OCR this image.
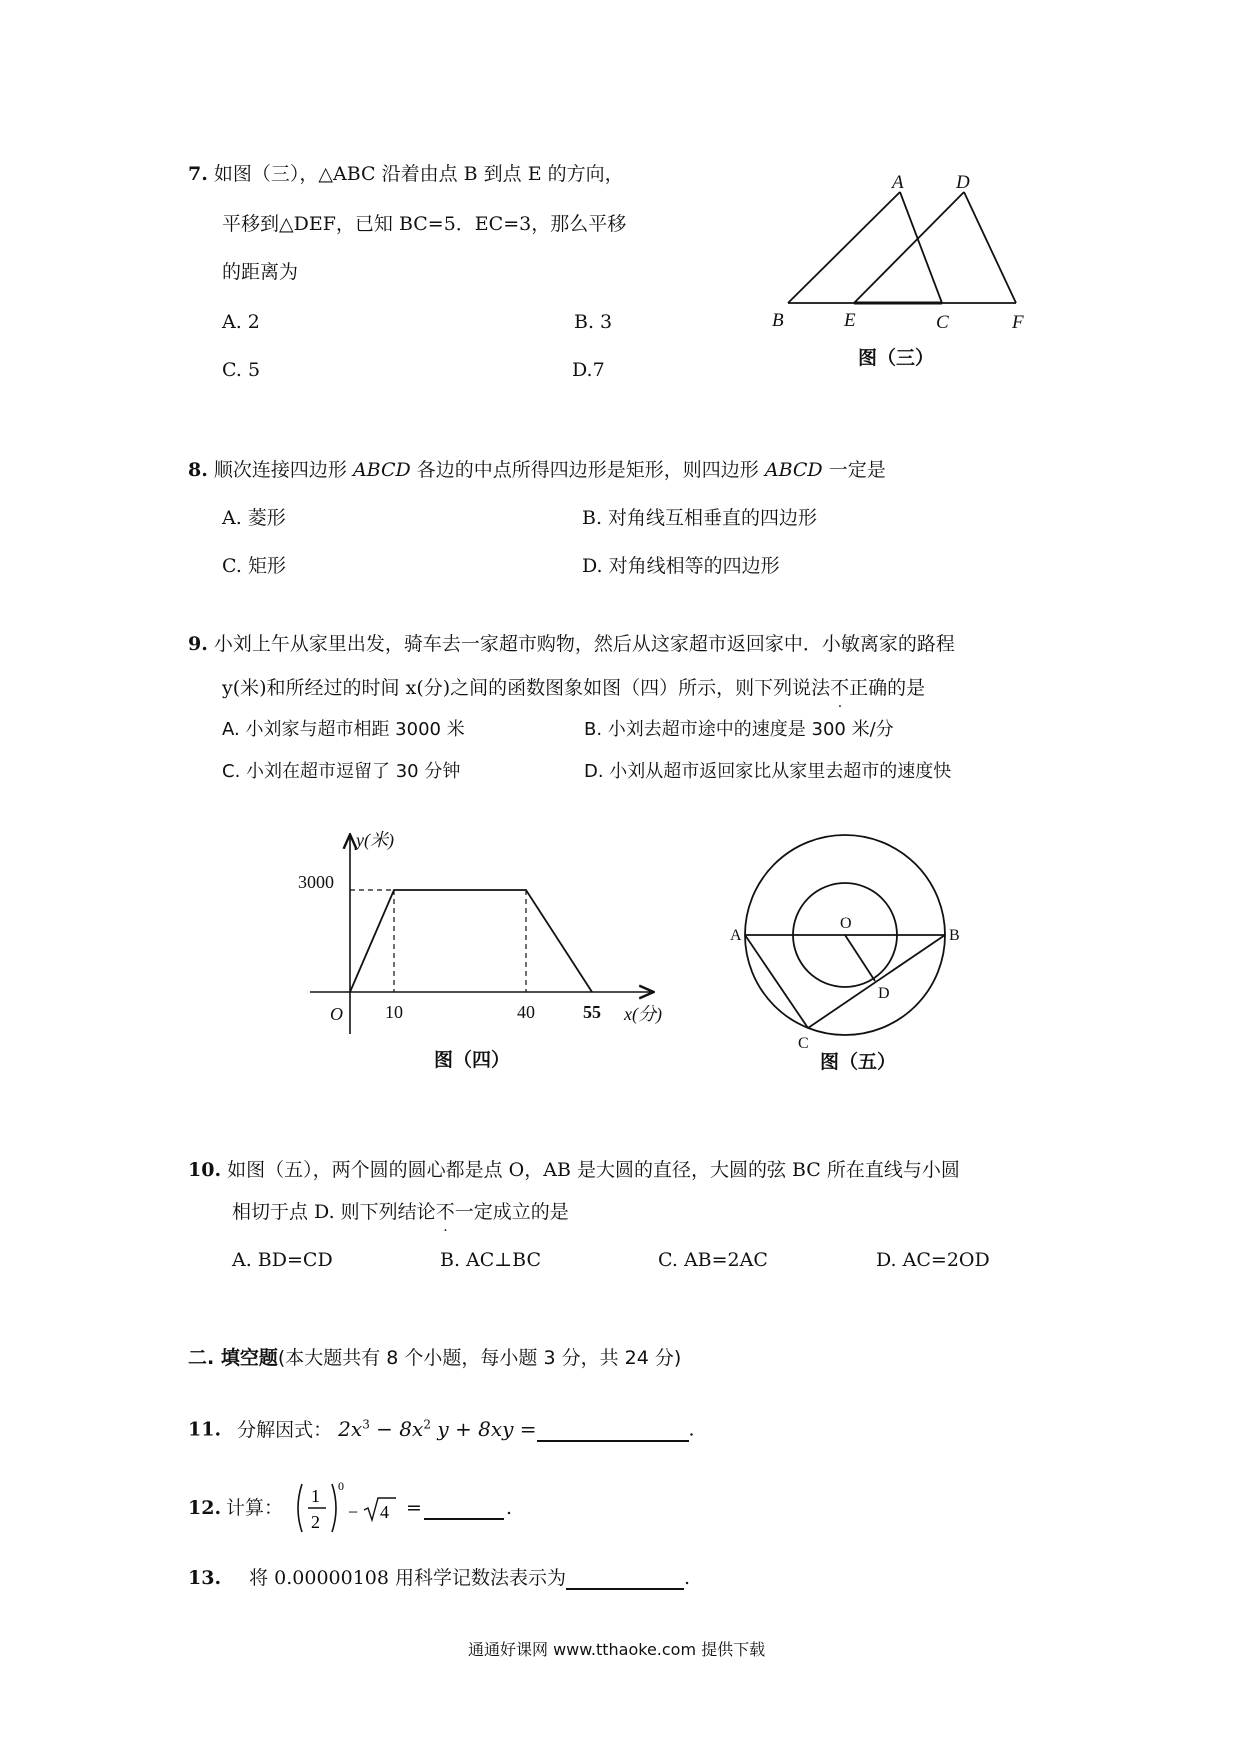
7. 如图（三），△ABC 沿着由点 B 到点 E 的方向，
平移到△DEF，已知 BC=5．EC=3，那么平移
的距离为
A. 2	B. 3
C. 5	D.7
A	D
B	E	C	F
图（三）
8. 顺次连接四边形 ABCD 各边的中点所得四边形是矩形，则四边形 ABCD 一定是
A. 菱形	B. 对角线互相垂直的四边形
C. 矩形	D. 对角线相等的四边形
9. 小刘上午从家里出发，骑车去一家超市购物，然后从这家超市返回家中．小敏离家的路程
y(米)和所经过的时间 x(分)之间的函数图象如图（四）所示，则下列说法不正确的是
A. 小刘家与超市相距 3000 米	B. 小刘去超市途中的速度是 300 米/分
C. 小刘在超市逗留了 30 分钟	D. 小刘从超市返回家比从家里去超市的速度快
y(米)
x(分)
O
3000
10	40	55
图（四）
A	B
O
D
C
图（五）
10. 如图（五），两个圆的圆心都是点 O，AB 是大圆的直径，大圆的弦 BC 所在直线与小圆
相切于点 D. 则下列结论不一定成立的是
A. BD=CD	B. AC⊥BC	C. AB=2AC	D. AC=2OD
二. 填空题(本大题共有 8 个小题，每小题 3 分，共 24 分)
11. 分解因式： $2x^3 - 8x^2$ y + 8xy =	.
12. 计算：
1
2
0
− 4 =	.
13. 将 0.00000108 用科学记数法表示为	.
通通好课网 www.tthaoke.com 提供下载
